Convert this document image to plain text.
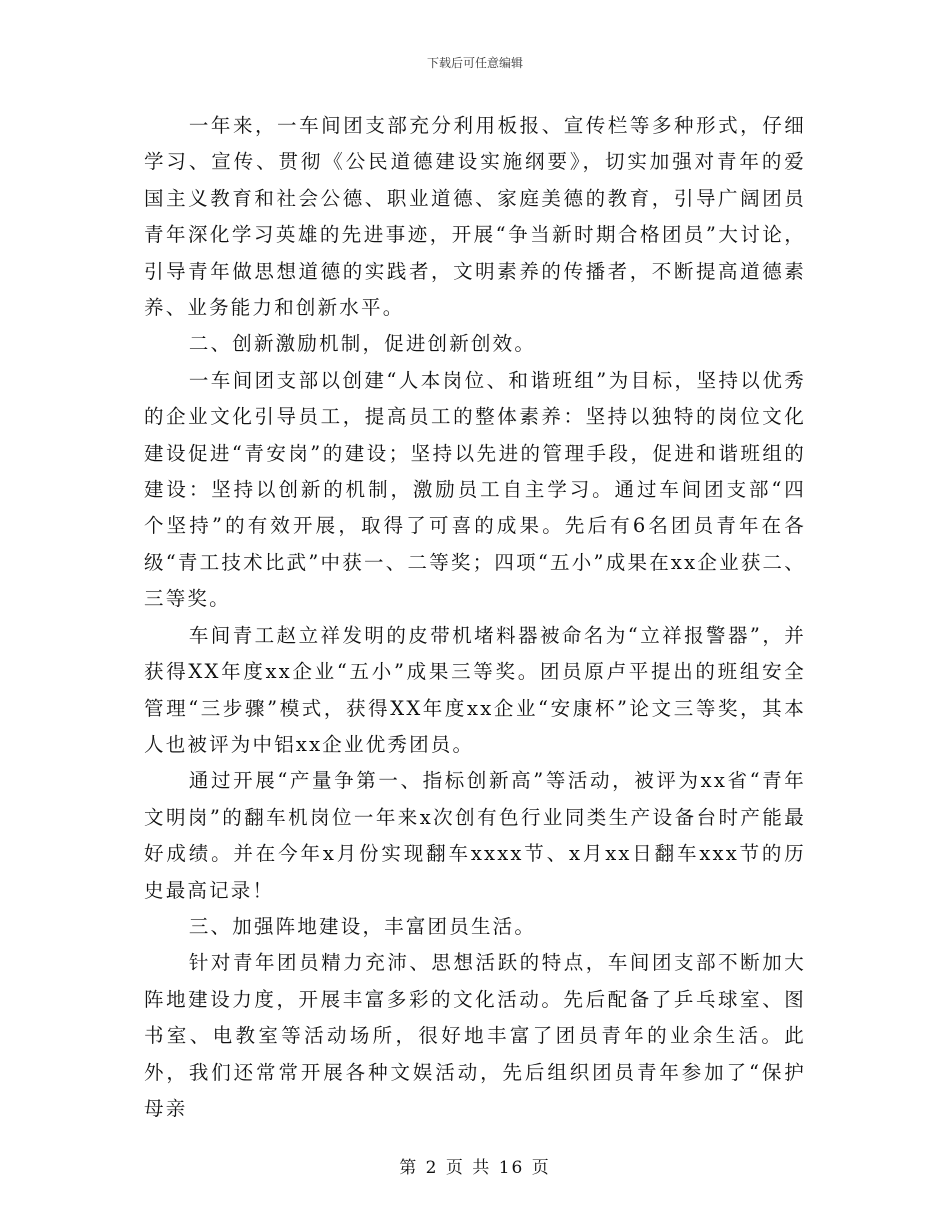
下载后可任意编辑

一年来，一车间团支部充分利用板报、宣传栏等多种形式，仔细学习、宣传、贯彻《公民道德建设实施纲要》，切实加强对青年的爱国主义教育和社会公德、职业道德、家庭美德的教育，引导广阔团员青年深化学习英雄的先进事迹，开展“争当新时期合格团员”大讨论，引导青年做思想道德的实践者，文明素养的传播者，不断提高道德素养、业务能力和创新水平。

二、创新激励机制，促进创新创效。

一车间团支部以创建“人本岗位、和谐班组”为目标，坚持以优秀的企业文化引导员工，提高员工的整体素养：坚持以独特的岗位文化建设促进“青安岗”的建设；坚持以先进的管理手段，促进和谐班组的建设：坚持以创新的机制，激励员工自主学习。通过车间团支部“四个坚持”的有效开展，取得了可喜的成果。先后有6名团员青年在各级“青工技术比武”中获一、二等奖；四项“五小”成果在xx企业获二、三等奖。

车间青工赵立祥发明的皮带机堵料器被命名为“立祥报警器”，并获得XX年度xx企业“五小”成果三等奖。团员原卢平提出的班组安全管理“三步骤”模式，获得XX年度xx企业“安康杯”论文三等奖，其本人也被评为中铝xx企业优秀团员。

通过开展“产量争第一、指标创新高”等活动，被评为xx省“青年文明岗”的翻车机岗位一年来x次创有色行业同类生产设备台时产能最好成绩。并在今年x月份实现翻车xxxx节、x月xx日翻车xxx节的历史最高记录！

三、加强阵地建设，丰富团员生活。

针对青年团员精力充沛、思想活跃的特点，车间团支部不断加大阵地建设力度，开展丰富多彩的文化活动。先后配备了乒乓球室、图书室、电教室等活动场所，很好地丰富了团员青年的业余生活。此外，我们还常常开展各种文娱活动，先后组织团员青年参加了“保护母亲

第 2 页 共 16 页
